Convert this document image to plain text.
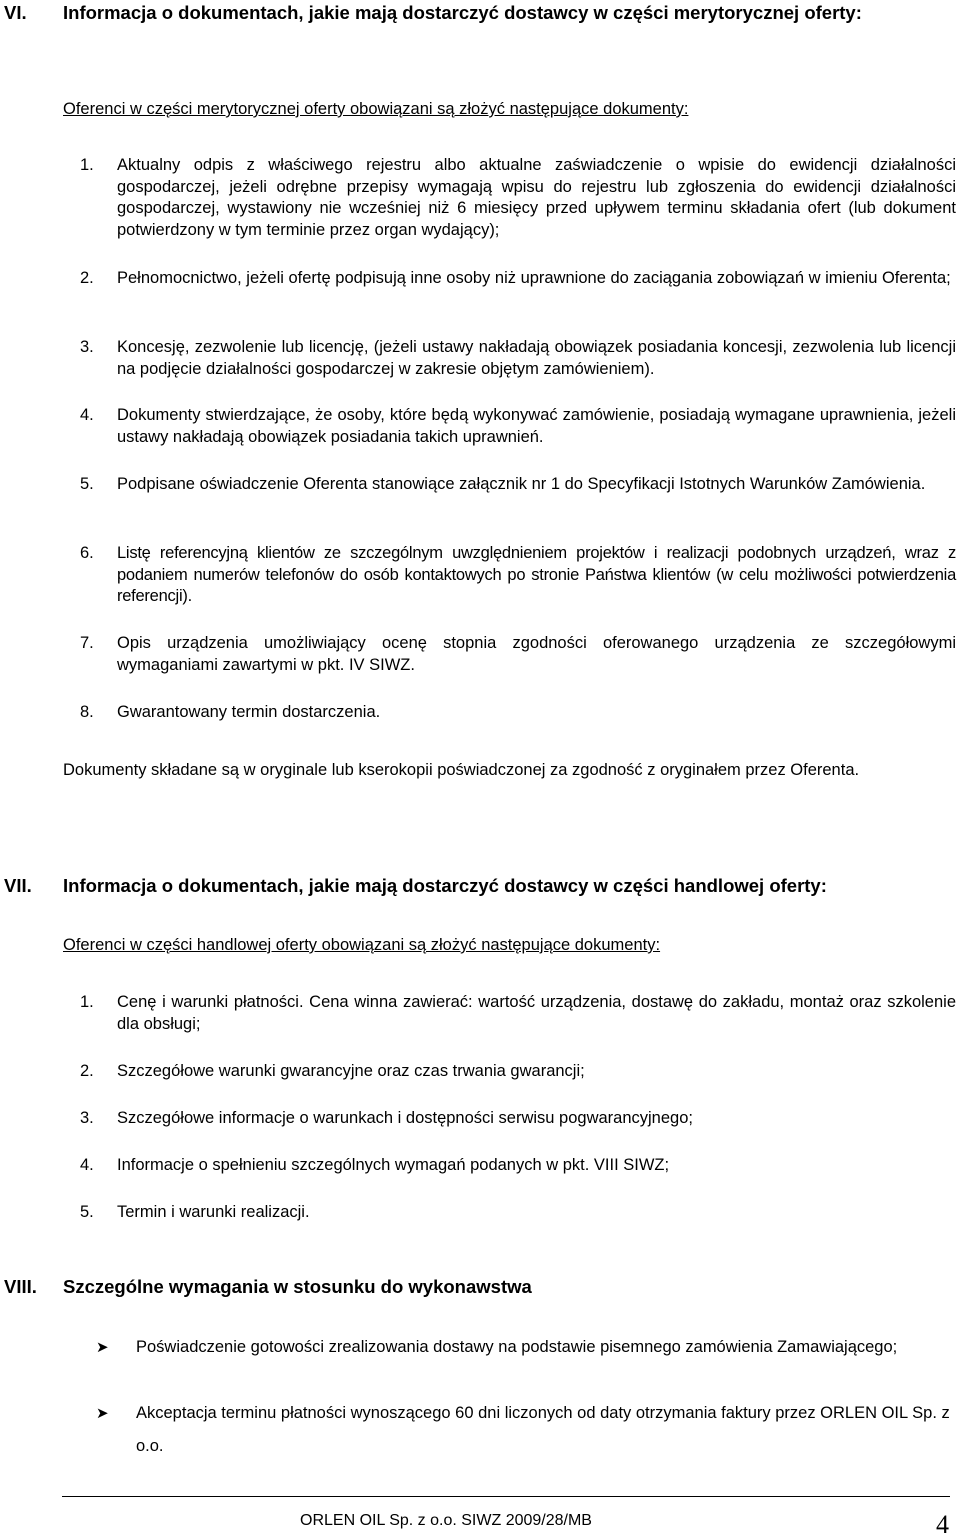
VI. Informacja o dokumentach, jakie mają dostarczyć dostawcy w części merytorycznej oferty:
Oferenci w części merytorycznej oferty obowiązani są złożyć następujące dokumenty:
1. Aktualny odpis z właściwego rejestru albo aktualne zaświadczenie o wpisie do ewidencji działalności gospodarczej, jeżeli odrębne przepisy wymagają wpisu do rejestru lub zgłoszenia do ewidencji działalności gospodarczej, wystawiony nie wcześniej niż 6 miesięcy przed upływem terminu składania ofert (lub dokument potwierdzony w tym terminie przez organ wydający);
2. Pełnomocnictwo, jeżeli ofertę podpisują inne osoby niż uprawnione do zaciągania zobowiązań w imieniu Oferenta;
3. Koncesję, zezwolenie lub licencję, (jeżeli ustawy nakładają obowiązek posiadania koncesji, zezwolenia lub licencji na podjęcie działalności gospodarczej w zakresie objętym zamówieniem).
4. Dokumenty stwierdzające, że osoby, które będą wykonywać zamówienie, posiadają wymagane uprawnienia, jeżeli ustawy nakładają obowiązek posiadania takich uprawnień.
5. Podpisane oświadczenie Oferenta stanowiące załącznik nr 1 do Specyfikacji Istotnych Warunków Zamówienia.
6. Listę referencyjną klientów ze szczególnym uwzględnieniem projektów i realizacji podobnych urządzeń, wraz z podaniem numerów telefonów do osób kontaktowych po stronie Państwa klientów (w celu możliwości potwierdzenia referencji).
7. Opis urządzenia umożliwiający ocenę stopnia zgodności oferowanego urządzenia ze szczegółowymi wymaganiami zawartymi w pkt. IV SIWZ.
8. Gwarantowany termin dostarczenia.
Dokumenty składane są w oryginale lub kserokopii poświadczonej za zgodność z oryginałem przez Oferenta.
VII. Informacja o dokumentach, jakie mają dostarczyć dostawcy w części handlowej oferty:
Oferenci w części handlowej oferty obowiązani są złożyć następujące dokumenty:
1. Cenę i warunki płatności. Cena winna zawierać: wartość urządzenia, dostawę do zakładu, montaż oraz szkolenie dla obsługi;
2. Szczegółowe warunki gwarancyjne oraz czas trwania gwarancji;
3. Szczegółowe informacje o warunkach i dostępności serwisu pogwarancyjnego;
4. Informacje o spełnieniu szczególnych wymagań podanych w pkt. VIII SIWZ;
5. Termin i warunki realizacji.
VIII. Szczególne wymagania w stosunku do wykonawstwa
➤ Poświadczenie gotowości zrealizowania dostawy na podstawie pisemnego zamówienia Zamawiającego;
➤ Akceptacja terminu płatności wynoszącego 60 dni liczonych od daty otrzymania faktury przez ORLEN OIL Sp. z o.o.
ORLEN OIL Sp. z o.o. SIWZ 2009/28/MB	4
